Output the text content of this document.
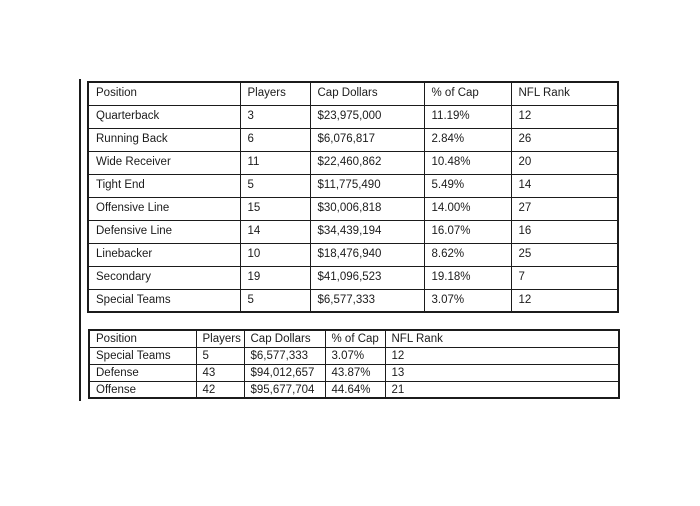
Position	Players	Cap Dollars	% of Cap	NFL Rank
Quarterback	3	$23,975,000	11.19%	12
Running Back	6	$6,076,817	2.84%	26
Wide Receiver	11	$22,460,862	10.48%	20
Tight End	5	$11,775,490	5.49%	14
Offensive Line	15	$30,006,818	14.00%	27
Defensive Line	14	$34,439,194	16.07%	16
Linebacker	10	$18,476,940	8.62%	25
Secondary	19	$41,096,523	19.18%	7
Special Teams	5	$6,577,333	3.07%	12
Position	Players	Cap Dollars	% of Cap	NFL Rank
Special Teams	5	$6,577,333	3.07%	12
Defense	43	$94,012,657	43.87%	13
Offense	42	$95,677,704	44.64%	21
